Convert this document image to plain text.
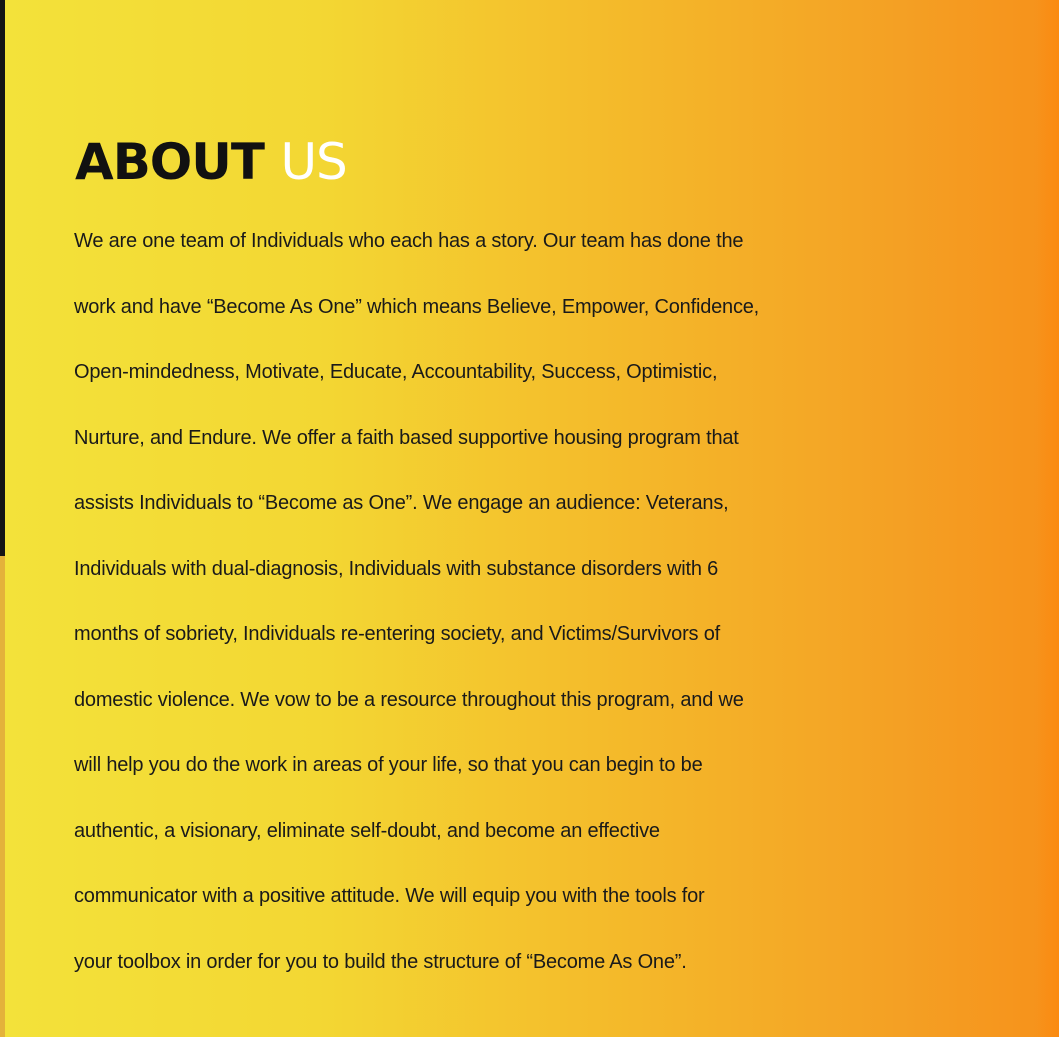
ABOUT US
We are one team of Individuals who each has a story. Our team has done the
work and have “Become As One” which means Believe, Empower, Confidence,
Open-mindedness, Motivate, Educate, Accountability, Success, Optimistic,
Nurture, and Endure. We offer a faith based supportive housing program that
assists Individuals to “Become as One”. We engage an audience: Veterans,
Individuals with dual-diagnosis, Individuals with substance disorders with 6
months of sobriety, Individuals re-entering society, and Victims/Survivors of
domestic violence. We vow to be a resource throughout this program, and we
will help you do the work in areas of your life, so that you can begin to be
authentic, a visionary, eliminate self-doubt, and become an effective
communicator with a positive attitude. We will equip you with the tools for
your toolbox in order for you to build the structure of “Become As One”.
